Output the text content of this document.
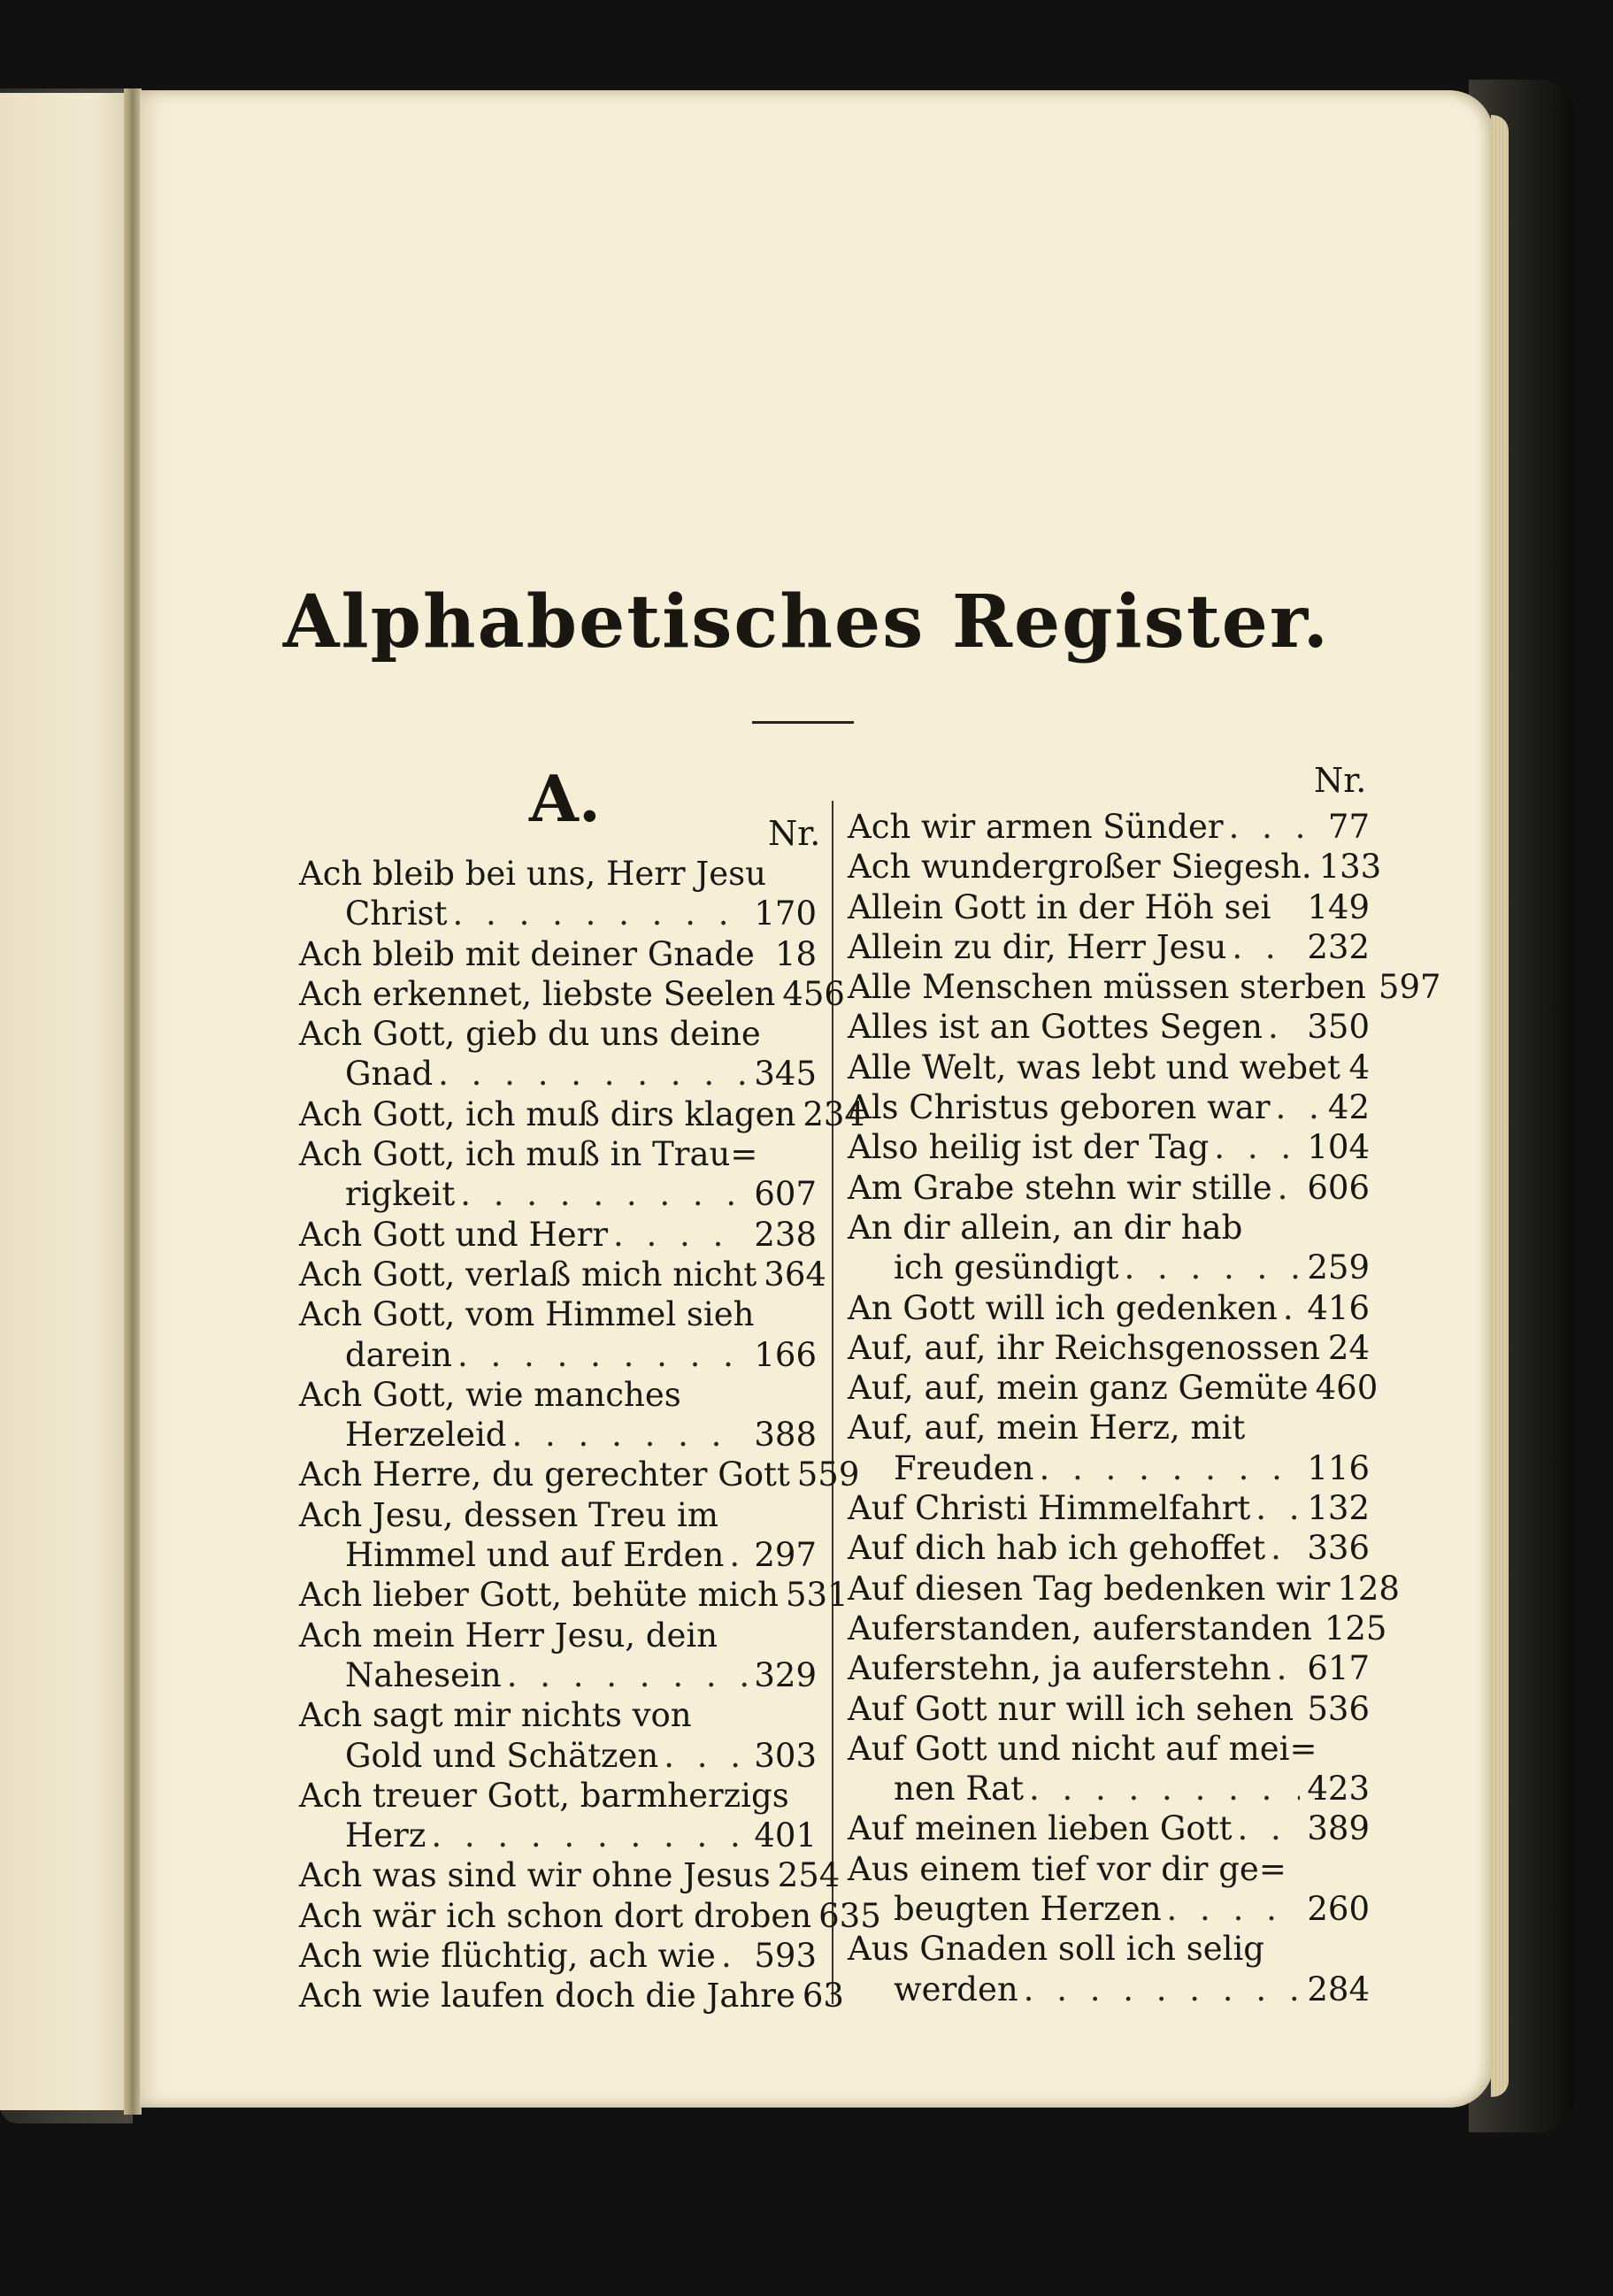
Alphabetisches Register.
A.	Nr.
Nr.
Ach bleib bei uns, Herr Jesu
Christ . . .	170
Ach bleib mit deiner Gnade 18
Ach erkennet, liebste Seelen 456
Ach Gott, gieb du uns deine
Gnad . . .	345
Ach Gott, ich muß dirs klagen 234
Ach Gott, ich muß in Trau=
rigkeit . . .	607
Ach Gott und Herr . . .	238
Ach Gott, verlaß mich nicht 364
Ach Gott, vom Himmel sieh
darein . . .	166
Ach Gott, wie manches
Herzeleid . . .	388
Ach Herre, du gerechter Gott 559
Ach Jesu, dessen Treu im
Himmel und auf Erden . . . 297
Ach lieber Gott, behüte mich 531
Ach mein Herr Jesu, dein
Nahesein . . .	329
Ach sagt mir nichts von
Gold und Schätzen . . .	303
Ach treuer Gott, barmherzigs
Herz . . .	401
Ach was sind wir ohne Jesus 254
Ach wär ich schon dort droben 635
Ach wie flüchtig, ach wie . . . 593
Ach wie laufen doch die Jahre 63
Ach wir armen Sünder . . .	77
Ach wundergroßer Siegesh. 133
Allein Gott in der Höh sei 149
Allein zu dir, Herr Jesu . . . 232
Alle Menschen müssen sterben . . . 597
Alles ist an Gottes Segen . . . 350
Alle Welt, was lebt und webet 4
Als Christus geboren war . . . 42
Also heilig ist der Tag . . .	104
Am Grabe stehn wir stille . . . 606
An dir allein, an dir hab
ich gesündigt . . .	259
An Gott will ich gedenken . . . 416
Auf, auf, ihr Reichsgenossen 24
Auf, auf, mein ganz Gemüte 460
Auf, auf, mein Herz, mit
Freuden . . .	116
Auf Christi Himmelfahrt . . . 132
Auf dich hab ich gehoffet . . . 336
Auf diesen Tag bedenken wir 128
Auferstanden, auferstanden . . . 125
Auferstehn, ja auferstehn . . . 617
Auf Gott nur will ich sehen 536
Auf Gott und nicht auf mei=
nen Rat . . .	423
Auf meinen lieben Gott . . . 389
Aus einem tief vor dir ge=
beugten Herzen . . .	260
Aus Gnaden soll ich selig
werden . . .	284
